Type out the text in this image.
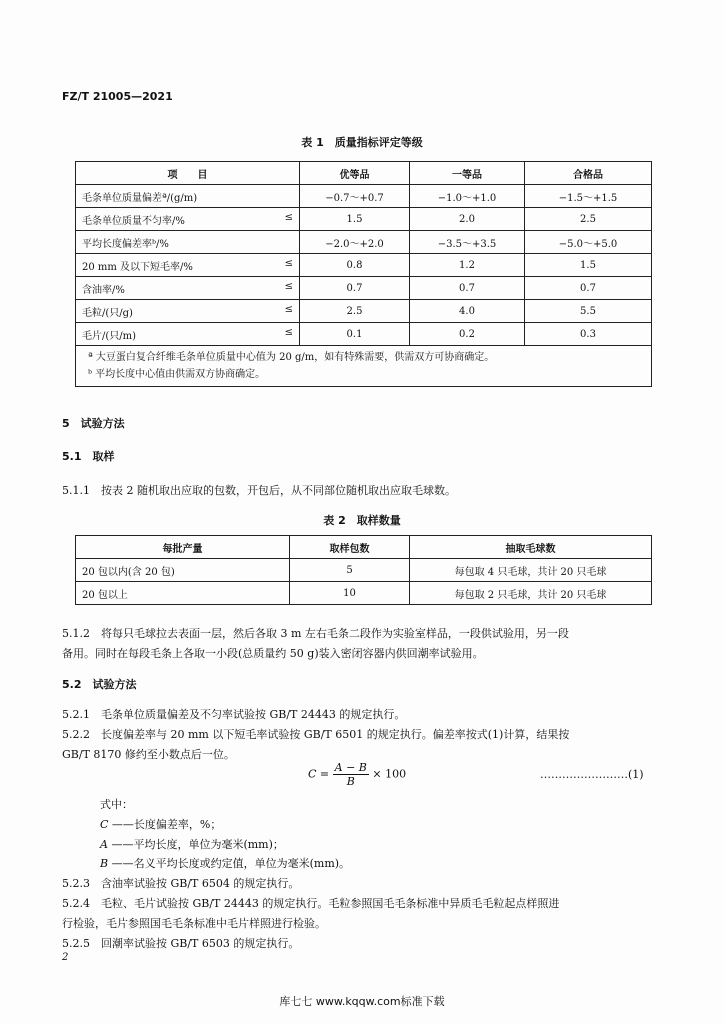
FZ/T 21005—2021
表 1　质量指标评定等级
项　　目	优等品	一等品	合格品
毛条单位质量偏差ª/(g/m)	−0.7～+0.7	−1.0～+1.0	−1.5～+1.5
毛条单位质量不匀率/% ≤	1.5	2.0	2.5
平均长度偏差率ᵇ/%	−2.0～+2.0	−3.5～+3.5	−5.0～+5.0
20 mm 及以下短毛率/% ≤	0.8	1.2	1.5
含油率/% ≤	0.7	0.7	0.7
毛粒/(只/g) ≤	2.5	4.0	5.5
毛片/(只/m) ≤	0.1	0.2	0.3

ª 大豆蛋白复合纤维毛条单位质量中心值为 20 g/m，如有特殊需要，供需双方可协商确定。
ᵇ 平均长度中心值由供需双方协商确定。			
5　试验方法
5.1　取样
5.1.1　按表 2 随机取出应取的包数，开包后，从不同部位随机取出应取毛球数。
表 2　取样数量
每批产量	取样包数	抽取毛球数
20 包以内(含 20 包)	5	每包取 4 只毛球，共计 20 只毛球
20 包以上	10	每包取 2 只毛球，共计 20 只毛球
5.1.2　将每只毛球拉去表面一层，然后各取 3 m 左右毛条二段作为实验室样品，一段供试验用，另一段
备用。同时在每段毛条上各取一小段(总质量约 50 g)装入密闭容器内供回潮率试验用。
5.2　试验方法
5.2.1　毛条单位质量偏差及不匀率试验按 GB/T 24443 的规定执行。
5.2.2　长度偏差率与 20 mm 以下短毛率试验按 GB/T 6501 的规定执行。偏差率按式(1)计算，结果按
GB/T 8170 修约至小数点后一位。
$C = \frac{A - B}{B} \times 100$	……………………(1)
式中：
C ——长度偏差率，%；
A ——平均长度，单位为毫米(mm)；
B ——名义平均长度或约定值，单位为毫米(mm)。
5.2.3　含油率试验按 GB/T 6504 的规定执行。
5.2.4　毛粒、毛片试验按 GB/T 24443 的规定执行。毛粒参照国毛毛条标准中异质毛毛粒起点样照进
行检验，毛片参照国毛毛条标准中毛片样照进行检验。
5.2.5　回潮率试验按 GB/T 6503 的规定执行。
2
库七七 www.kqqw.com标准下载
